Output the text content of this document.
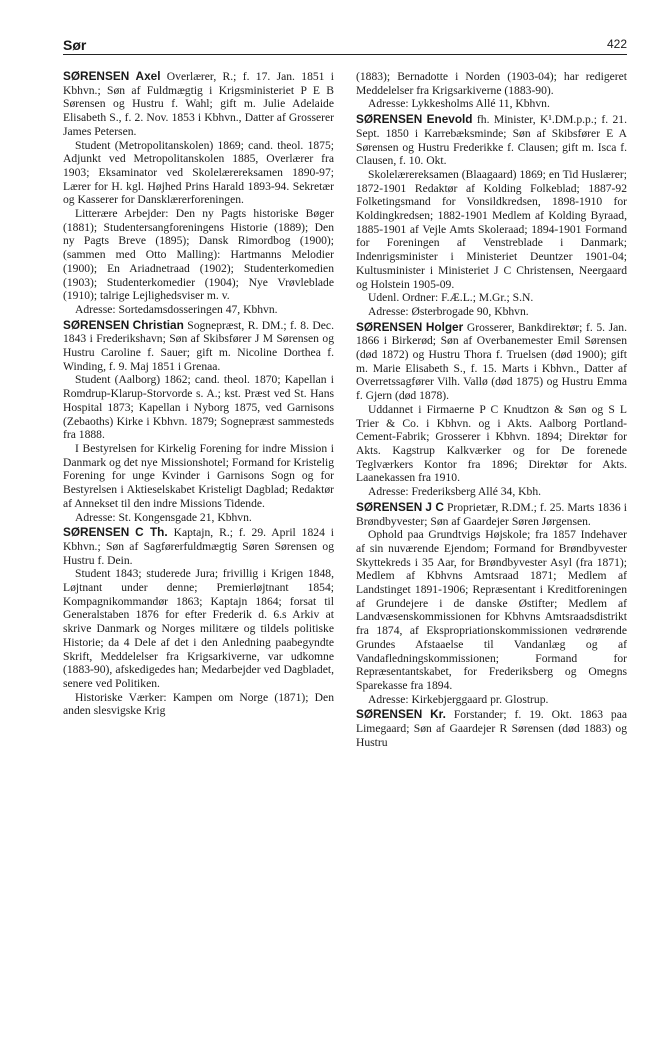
Sør	422

SØRENSEN Axel Overlærer, R.; f. 17. Jan. 1851 i Kbhvn.; Søn af Fuldmægtig i Krigsministeriet P E B Sørensen og Hustru f. Wahl; gift m. Julie Adelaide Elisabeth S., f. 2. Nov. 1853 i Kbhvn., Datter af Grosserer James Petersen.

Student (Metropolitanskolen) 1869; cand. theol. 1875; Adjunkt ved Metropolitanskolen 1885, Overlærer fra 1903; Eksaminator ved Skolelærereksamen 1890-97; Lærer for H. kgl. Højhed Prins Harald 1893-94. Sekretær og Kasserer for Danskl​ærerforeningen.

Litterære Arbejder: Den ny Pagts historiske Bøger (1881); Studentersangforeningens Historie (1889); Den ny Pagts Breve (1895); Dansk Rimordbog (1900); (sammen med Otto Malling): Hartmanns Melodier (1900); En Ariadnetraad (1902); Studenterkomedien (1903); Studenterkomedier (1904); Nye Vrøvleblade (1910); talrige Lejlighedsviser m. v.

Adresse: Sortedamsdosseringen 47, Kbhvn.

SØRENSEN Christian Sognepræst, R. DM.; f. 8. Dec. 1843 i Frederikshavn; Søn af Skibsfører J M Sørensen og Hustru Caroline f. Sauer; gift m. Nicoline Dorthea f. Winding, f. 9. Maj 1851 i Grenaa.

Student (Aalborg) 1862; cand. theol. 1870; Kapellan i Romdrup-Klarup-Storvorde s. A.; kst. Præst ved St. Hans Hospital 1873; Kapellan i Nyborg 1875, ved Garnisons (Zebaoths) Kirke i Kbhvn. 1879; Sognepræst sammesteds fra 1888.

I Bestyrelsen for Kirkelig Forening for indre Mission i Danmark og det nye Missionshotel; Formand for Kristelig Forening for unge Kvinder i Garnisons Sogn og for Bestyrelsen i Aktieselskabet Kristeligt Dagblad; Redaktør af Annekset til den indre Missions Tidende.

Adresse: St. Kongensgade 21, Kbhvn.

SØRENSEN C Th. Kaptajn, R.; f. 29. April 1824 i Kbhvn.; Søn af Sagførerfuldmægtig Søren Sørensen og Hustru f. Dein.

Student 1843; studerede Jura; frivillig i Krigen 1848, Løjtnant under denne; Premierløjtnant 1854; Kompagnikommandør 1863; Kaptajn 1864; forsat til Generalstaben 1876 for efter Frederik d. 6.s Arkiv at skrive Danmark og Norges militære og tildels politiske Historie; da 4 Dele af det i den Anledning paabegyndte Skrift, Meddelelser fra Krigsarkiverne, var udkomne (1883-90), afskedigedes han; Medarbejder ved Dagbladet, senere ved Politiken.

Historiske Værker: Kampen om Norge (1871); Den anden slesvigske Krig

(1883); Bernadotte i Norden (1903-04); har redigeret Meddelelser fra Krigsarkiverne (1883-90).

Adresse: Lykkesholms Allé 11, Kbhvn.

SØRENSEN Enevold fh. Minister, K¹.DM.p.p.; f. 21. Sept. 1850 i Karrebæksminde; Søn af Skibsfører E A Sørensen og Hustru Frederikke f. Clausen; gift m. Isca f. Clausen, f. 10. Okt.

Skolelærereksamen (Blaagaard) 1869; en Tid Huslærer; 1872-1901 Redaktør af Kolding Folkeblad; 1887-92 Folketingsmand for Vonsildkredsen, 1898-1910 for Koldingkredsen; 1882-1901 Medlem af Kolding Byraad, 1885-1901 af Vejle Amts Skoleraad; 1894-1901 Formand for Foreningen af Venstreblade i Danmark; Indenrigsminister i Ministeriet Deuntzer 1901-04; Kultusminister i Ministeriet J C Christensen, Neergaard og Holstein 1905-09.

Udenl. Ordner: F.Æ.L.; M.Gr.; S.N.

Adresse: Østerbrogade 90, Kbhvn.

SØRENSEN Holger Grosserer, Bankdirektør; f. 5. Jan. 1866 i Birkerød; Søn af Overbanemester Emil Sørensen (død 1872) og Hustru Thora f. Truelsen (død 1900); gift m. Marie Elisabeth S., f. 15. Marts i Kbhvn., Datter af Overretssagfører Vilh. Vallø (død 1875) og Hustru Emma f. Gjern (død 1878).

Uddannet i Firmaerne P C Knudtzon & Søn og S L Trier & Co. i Kbhvn. og i Akts. Aalborg Portland-Cement-Fabrik; Grosserer i Kbhvn. 1894; Direktør for Akts. Kagstrup Kalkværker og for De forenede Teglværkers Kontor fra 1896; Direktør for Akts. Laanekassen fra 1910.

Adresse: Frederiksberg Allé 34, Kbh.

SØRENSEN J C Proprietær, R.DM.; f. 25. Marts 1836 i Brøndbyvester; Søn af Gaardejer Søren Jørgensen.

Ophold paa Grundtvigs Højskole; fra 1857 Indehaver af sin nuværende Ejendom; Formand for Brøndbyvester Skyttekreds i 35 Aar, for Brøndbyvester Asyl (fra 1871); Medlem af Kbhvns Amtsraad 1871; Medlem af Landstinget 1891-1906; Repræsentant i Kreditforeningen af Grundejere i de danske Østifter; Medlem af Landvæsenskommissionen for Kbhvns Amtsraadsdistrikt fra 1874, af Ekspropriationskommissionen vedrørende Grundes Afstaaelse til Vandanlæg og af Vandafledningskommissionen; Formand for Repræsentantskabet, for Frederiksberg og Omegns Sparekasse fra 1894.

Adresse: Kirkebjerggaard pr. Glostrup.

SØRENSEN Kr. Forstander; f. 19. Okt. 1863 paa Limegaard; Søn af Gaardejer R Sørensen (død 1883) og Hustru
